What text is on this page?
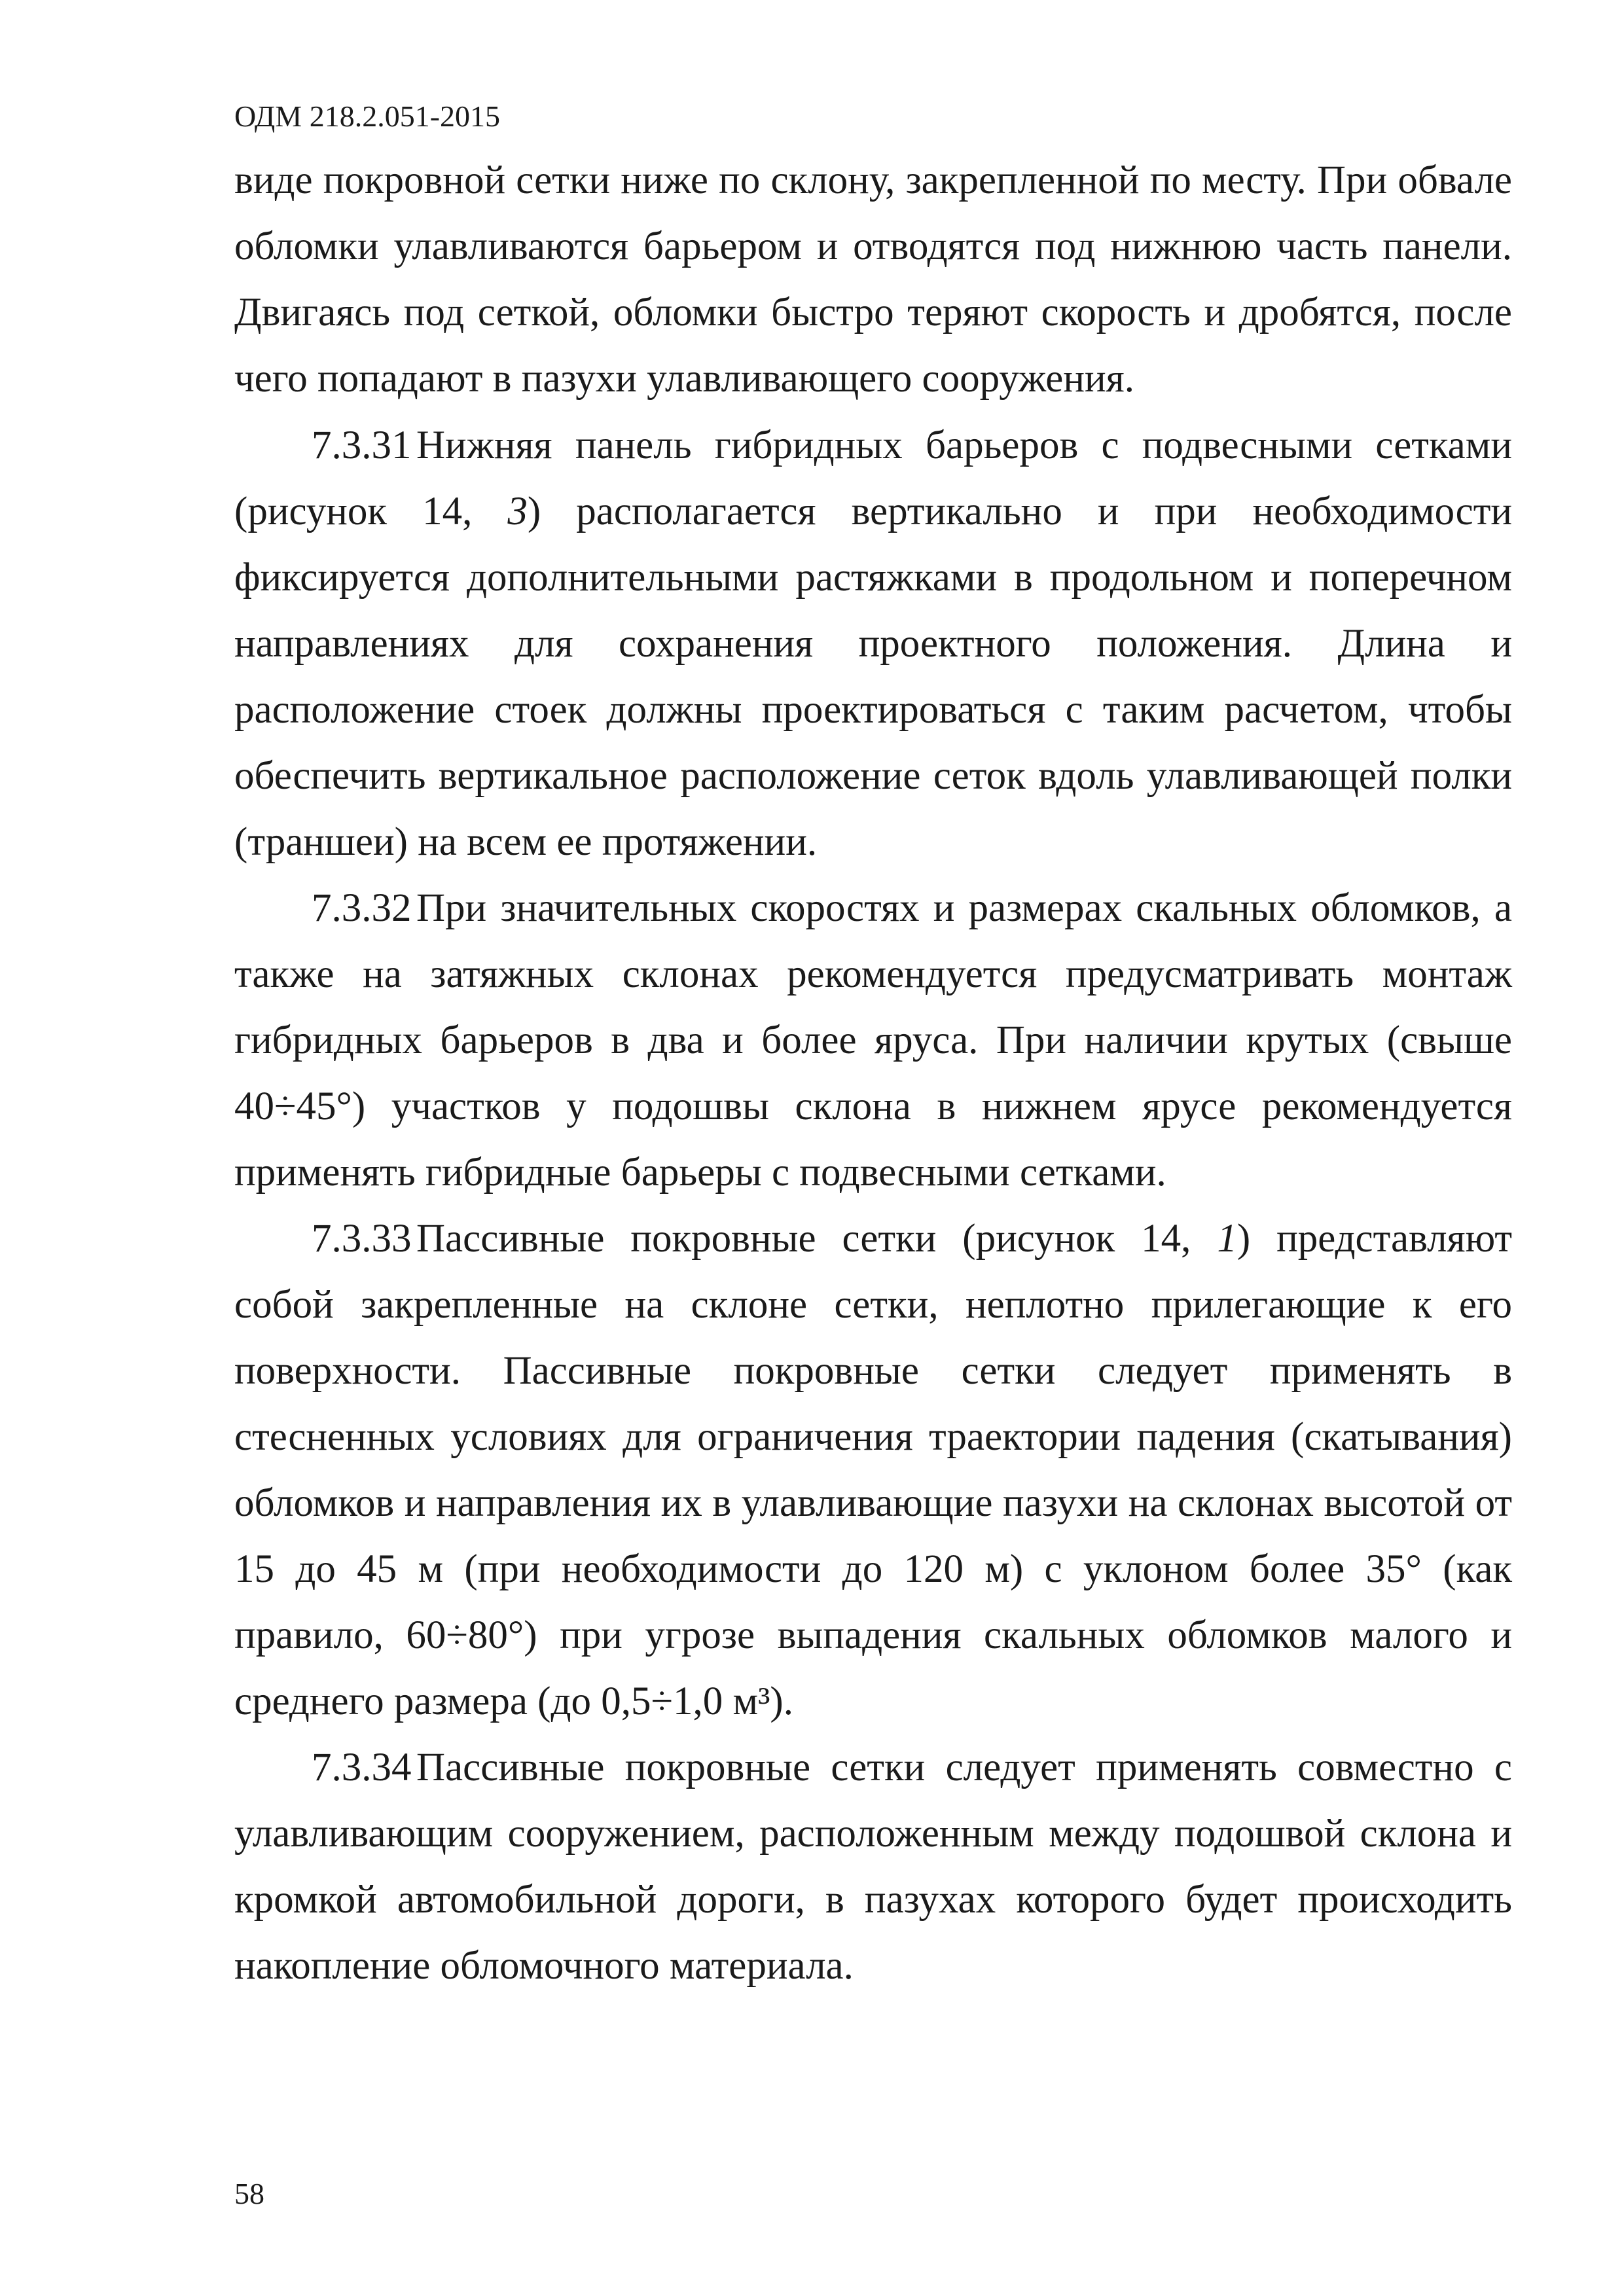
ОДМ 218.2.051-2015

виде покровной сетки ниже по склону, закрепленной по месту. При обвале обломки улавливаются барьером и отводятся под нижнюю часть панели. Двигаясь под сеткой, обломки быстро теряют скорость и дробятся, после чего попадают в пазухи улавливающего сооружения.

7.3.31 Нижняя панель гибридных барьеров с подвесными сетками (рисунок 14, 3) располагается вертикально и при необходимости фиксируется дополнительными растяжками в продольном и поперечном направлениях для сохранения проектного положения. Длина и расположение стоек должны проектироваться с таким расчетом, чтобы обеспечить вертикальное расположение сеток вдоль улавливающей полки (траншеи) на всем ее протяжении.

7.3.32 При значительных скоростях и размерах скальных обломков, а также на затяжных склонах рекомендуется предусматривать монтаж гибридных барьеров в два и более яруса. При наличии крутых (свыше 40÷45°) участков у подошвы склона в нижнем ярусе рекомендуется применять гибридные барьеры с подвесными сетками.

7.3.33 Пассивные покровные сетки (рисунок 14, 1) представляют собой закрепленные на склоне сетки, неплотно прилегающие к его поверхности. Пассивные покровные сетки следует применять в стесненных условиях для ограничения траектории падения (скатывания) обломков и направления их в улавливающие пазухи на склонах высотой от 15 до 45 м (при необходимости до 120 м) с уклоном более 35° (как правило, 60÷80°) при угрозе выпадения скальных обломков малого и среднего размера (до 0,5÷1,0 м³).

7.3.34 Пассивные покровные сетки следует применять совместно с улавливающим сооружением, расположенным между подошвой склона и кромкой автомобильной дороги, в пазухах которого будет происходить накопление обломочного материала.

58
